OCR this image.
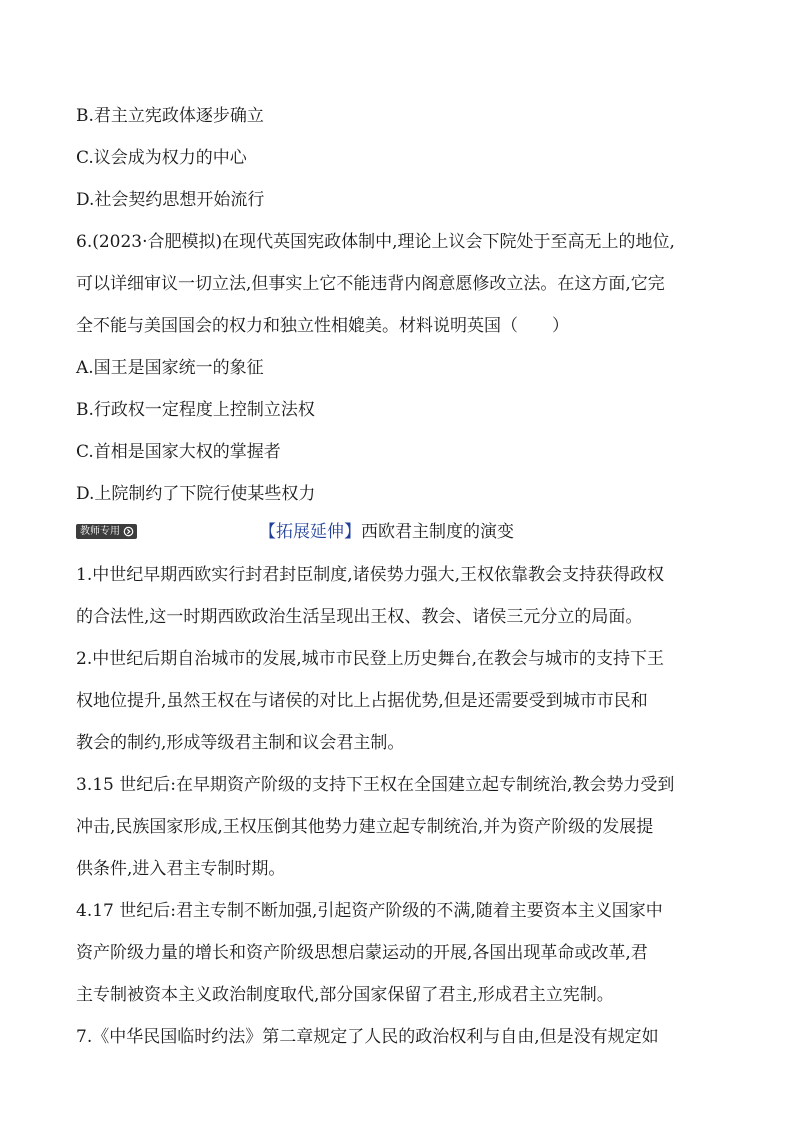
B.君主立宪政体逐步确立
C.议会成为权力的中心
D.社会契约思想开始流行
6.(2023·合肥模拟)在现代英国宪政体制中,理论上议会下院处于至高无上的地位,
可以详细审议一切立法,但事实上它不能违背内阁意愿修改立法。在这方面,它完
全不能与美国国会的权力和独立性相媲美。材料说明英国（　　）
A.国王是国家统一的象征
B.行政权一定程度上控制立法权
C.首相是国家大权的掌握者
D.上院制约了下院行使某些权力
教师专用	【拓展延伸】西欧君主制度的演变
1.中世纪早期西欧实行封君封臣制度,诸侯势力强大,王权依靠教会支持获得政权
的合法性,这一时期西欧政治生活呈现出王权、教会、诸侯三元分立的局面。
2.中世纪后期自治城市的发展,城市市民登上历史舞台,在教会与城市的支持下王
权地位提升,虽然王权在与诸侯的对比上占据优势,但是还需要受到城市市民和
教会的制约,形成等级君主制和议会君主制。
3.15 世纪后:在早期资产阶级的支持下王权在全国建立起专制统治,教会势力受到
冲击,民族国家形成,王权压倒其他势力建立起专制统治,并为资产阶级的发展提
供条件,进入君主专制时期。
4.17 世纪后:君主专制不断加强,引起资产阶级的不满,随着主要资本主义国家中
资产阶级力量的增长和资产阶级思想启蒙运动的开展,各国出现革命或改革,君
主专制被资本主义政治制度取代,部分国家保留了君主,形成君主立宪制。
7.《中华民国临时约法》第二章规定了人民的政治权利与自由,但是没有规定如
